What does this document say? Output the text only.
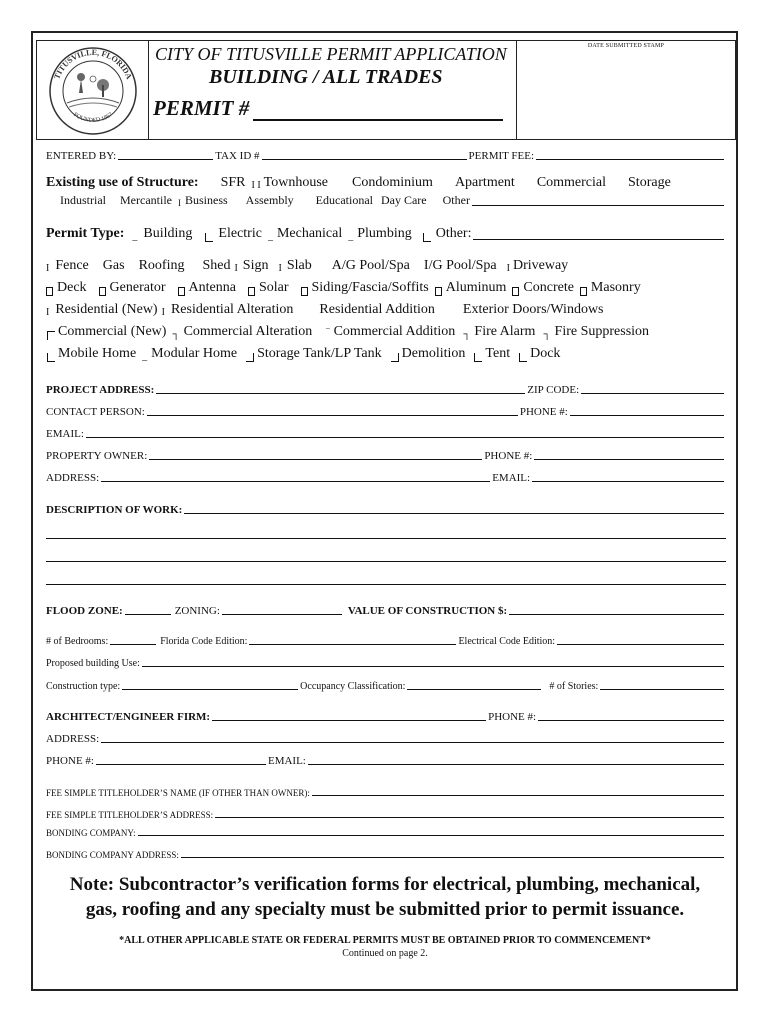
TITUSVILLE, FLORIDA
FOUNDED 1867
CITY OF TITUSVILLE PERMIT APPLICATION
BUILDING / ALL TRADES
PERMIT #
DATE SUBMITTED STAMP
ENTERED BY:	TAX ID #	PERMIT FEE:
Existing use of Structure: SFR I I Townhouse Condominium Apartment Commercial Storage
Industrial Mercantile I Business Assembly Educational Day Care Other
Permit Type: _ Building Electric _ Mechanical _ Plumbing Other:
I Fence Gas Roofing Shed I Sign I Slab A/G Pool/Spa I/G Pool/Spa I Driveway
Deck Generator Antenna Solar Siding/Fascia/Soffits Aluminum Concrete Masonry
I Residential (New) I Residential Alteration Residential Addition Exterior Doors/Windows
Commercial (New) ┐ Commercial Alteration ‾ Commercial Addition ┐ Fire Alarm ┐ Fire Suppression
Mobile Home _ Modular Home Storage Tank/LP Tank Demolition Tent Dock
PROJECT ADDRESS:	ZIP CODE:
CONTACT PERSON:	PHONE #:
EMAIL:
PROPERTY OWNER:	PHONE #:
ADDRESS:	EMAIL:
DESCRIPTION OF WORK:
FLOOD ZONE:	ZONING:	VALUE OF CONSTRUCTION $:
# of Bedrooms:	Florida Code Edition:	Electrical Code Edition:
Proposed building Use:
Construction type:	Occupancy Classification:	# of Stories:
ARCHITECT/ENGINEER FIRM:	PHONE #:
ADDRESS:
PHONE #:	EMAIL:
FEE SIMPLE TITLEHOLDER’S NAME (IF OTHER THAN OWNER):
FEE SIMPLE TITLEHOLDER’S ADDRESS:
BONDING COMPANY:
BONDING COMPANY ADDRESS:
Note: Subcontractor’s verification forms for electrical, plumbing, mechanical,
gas, roofing and any specialty must be submitted prior to permit issuance.
*ALL OTHER APPLICABLE STATE OR FEDERAL PERMITS MUST BE OBTAINED PRIOR TO COMMENCEMENT*
Continued on page 2.
